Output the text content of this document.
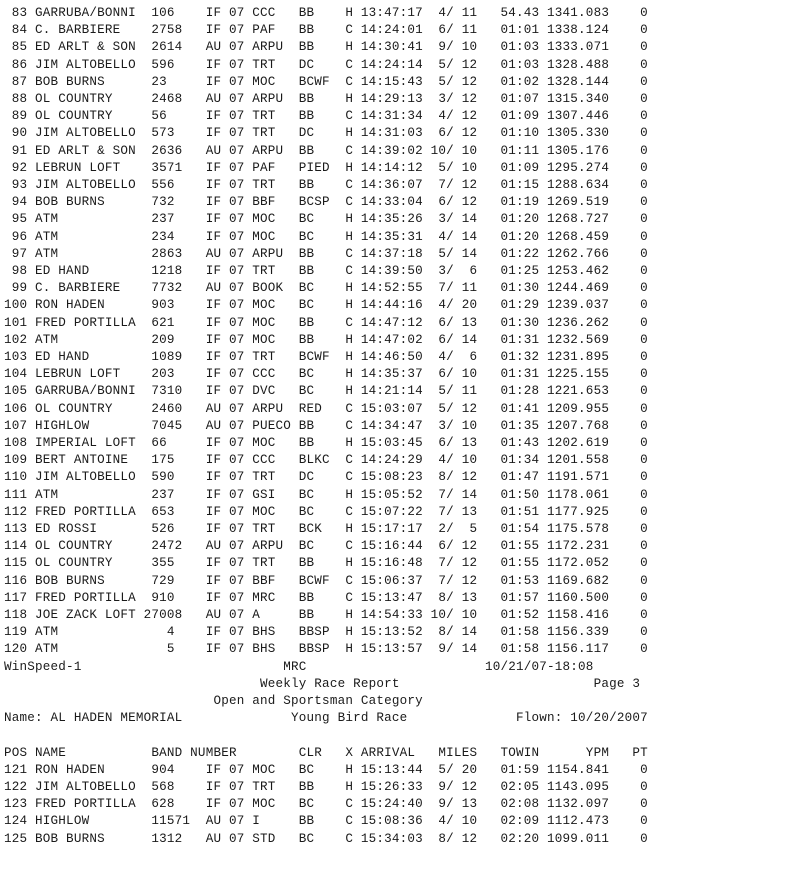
83 GARRUBA/BONNI  106    IF 07 CCC   BB    H 13:47:17  4/ 11   54.43 1341.083    0
84 C. BARBIERE    2758   IF 07 PAF   BB    C 14:24:01  6/ 11   01:01 1338.124    0
85 ED ARLT & SON  2614   AU 07 ARPU  BB    H 14:30:41  9/ 10   01:03 1333.071    0
86 JIM ALTOBELLO  596    IF 07 TRT   DC    C 14:24:14  5/ 12   01:03 1328.488    0
87 BOB BURNS      23     IF 07 MOC   BCWF  C 14:15:43  5/ 12   01:02 1328.144    0
88 OL COUNTRY     2468   AU 07 ARPU  BB    H 14:29:13  3/ 12   01:07 1315.340    0
89 OL COUNTRY     56     IF 07 TRT   BB    C 14:31:34  4/ 12   01:09 1307.446    0
90 JIM ALTOBELLO  573    IF 07 TRT   DC    H 14:31:03  6/ 12   01:10 1305.330    0
91 ED ARLT & SON  2636   AU 07 ARPU  BB    C 14:39:02 10/ 10   01:11 1305.176    0
92 LEBRUN LOFT    3571   IF 07 PAF   PIED  H 14:14:12  5/ 10   01:09 1295.274    0
93 JIM ALTOBELLO  556    IF 07 TRT   BB    C 14:36:07  7/ 12   01:15 1288.634    0
94 BOB BURNS      732    IF 07 BBF   BCSP  C 14:33:04  6/ 12   01:19 1269.519    0
95 ATM            237    IF 07 MOC   BC    H 14:35:26  3/ 14   01:20 1268.727    0
96 ATM            234    IF 07 MOC   BC    H 14:35:31  4/ 14   01:20 1268.459    0
97 ATM            2863   AU 07 ARPU  BB    C 14:37:18  5/ 14   01:22 1262.766    0
98 ED HAND        1218   IF 07 TRT   BB    C 14:39:50  3/  6   01:25 1253.462    0
99 C. BARBIERE    7732   AU 07 BOOK  BC    H 14:52:55  7/ 11   01:30 1244.469    0
100 RON HADEN      903    IF 07 MOC   BC    H 14:44:16  4/ 20   01:29 1239.037    0
101 FRED PORTILLA  621    IF 07 MOC   BB    C 14:47:12  6/ 13   01:30 1236.262    0
102 ATM            209    IF 07 MOC   BB    H 14:47:02  6/ 14   01:31 1232.569    0
103 ED HAND        1089   IF 07 TRT   BCWF  H 14:46:50  4/  6   01:32 1231.895    0
104 LEBRUN LOFT    203    IF 07 CCC   BC    H 14:35:37  6/ 10   01:31 1225.155    0
105 GARRUBA/BONNI  7310   IF 07 DVC   BC    H 14:21:14  5/ 11   01:28 1221.653    0
106 OL COUNTRY     2460   AU 07 ARPU  RED   C 15:03:07  5/ 12   01:41 1209.955    0
107 HIGHLOW        7045   AU 07 PUECO BB    C 14:34:47  3/ 10   01:35 1207.768    0
108 IMPERIAL LOFT  66     IF 07 MOC   BB    H 15:03:45  6/ 13   01:43 1202.619    0
109 BERT ANTOINE   175    IF 07 CCC   BLKC  C 14:24:29  4/ 10   01:34 1201.558    0
110 JIM ALTOBELLO  590    IF 07 TRT   DC    C 15:08:23  8/ 12   01:47 1191.571    0
111 ATM            237    IF 07 GSI   BC    H 15:05:52  7/ 14   01:50 1178.061    0
112 FRED PORTILLA  653    IF 07 MOC   BC    C 15:07:22  7/ 13   01:51 1177.925    0
113 ED ROSSI       526    IF 07 TRT   BCK   H 15:17:17  2/  5   01:54 1175.578    0
114 OL COUNTRY     2472   AU 07 ARPU  BC    C 15:16:44  6/ 12   01:55 1172.231    0
115 OL COUNTRY     355    IF 07 TRT   BB    H 15:16:48  7/ 12   01:55 1172.052    0
116 BOB BURNS      729    IF 07 BBF   BCWF  C 15:06:37  7/ 12   01:53 1169.682    0
117 FRED PORTILLA  910    IF 07 MRC   BB    C 15:13:47  8/ 13   01:57 1160.500    0
118 JOE ZACK LOFT 27008   AU 07 A     BB    H 14:54:33 10/ 10   01:52 1158.416    0
119 ATM              4    IF 07 BHS   BBSP  H 15:13:52  8/ 14   01:58 1156.339    0
120 ATM              5    IF 07 BHS   BBSP  H 15:13:57  9/ 14   01:58 1156.117    0
WinSpeed-1                          MRC                       10/21/07-18:08
Weekly Race Report                         Page 3
Open and Sportsman Category
Name: AL HADEN MEMORIAL              Young Bird Race              Flown: 10/20/2007
POS NAME           BAND NUMBER        CLR   X ARRIVAL   MILES   TOWIN      YPM   PT
121 RON HADEN      904    IF 07 MOC   BC    H 15:13:44  5/ 20   01:59 1154.841    0
122 JIM ALTOBELLO  568    IF 07 TRT   BB    H 15:26:33  9/ 12   02:05 1143.095    0
123 FRED PORTILLA  628    IF 07 MOC   BC    C 15:24:40  9/ 13   02:08 1132.097    0
124 HIGHLOW        11571  AU 07 I     BB    C 15:08:36  4/ 10   02:09 1112.473    0
125 BOB BURNS      1312   AU 07 STD   BC    C 15:34:03  8/ 12   02:20 1099.011    0
